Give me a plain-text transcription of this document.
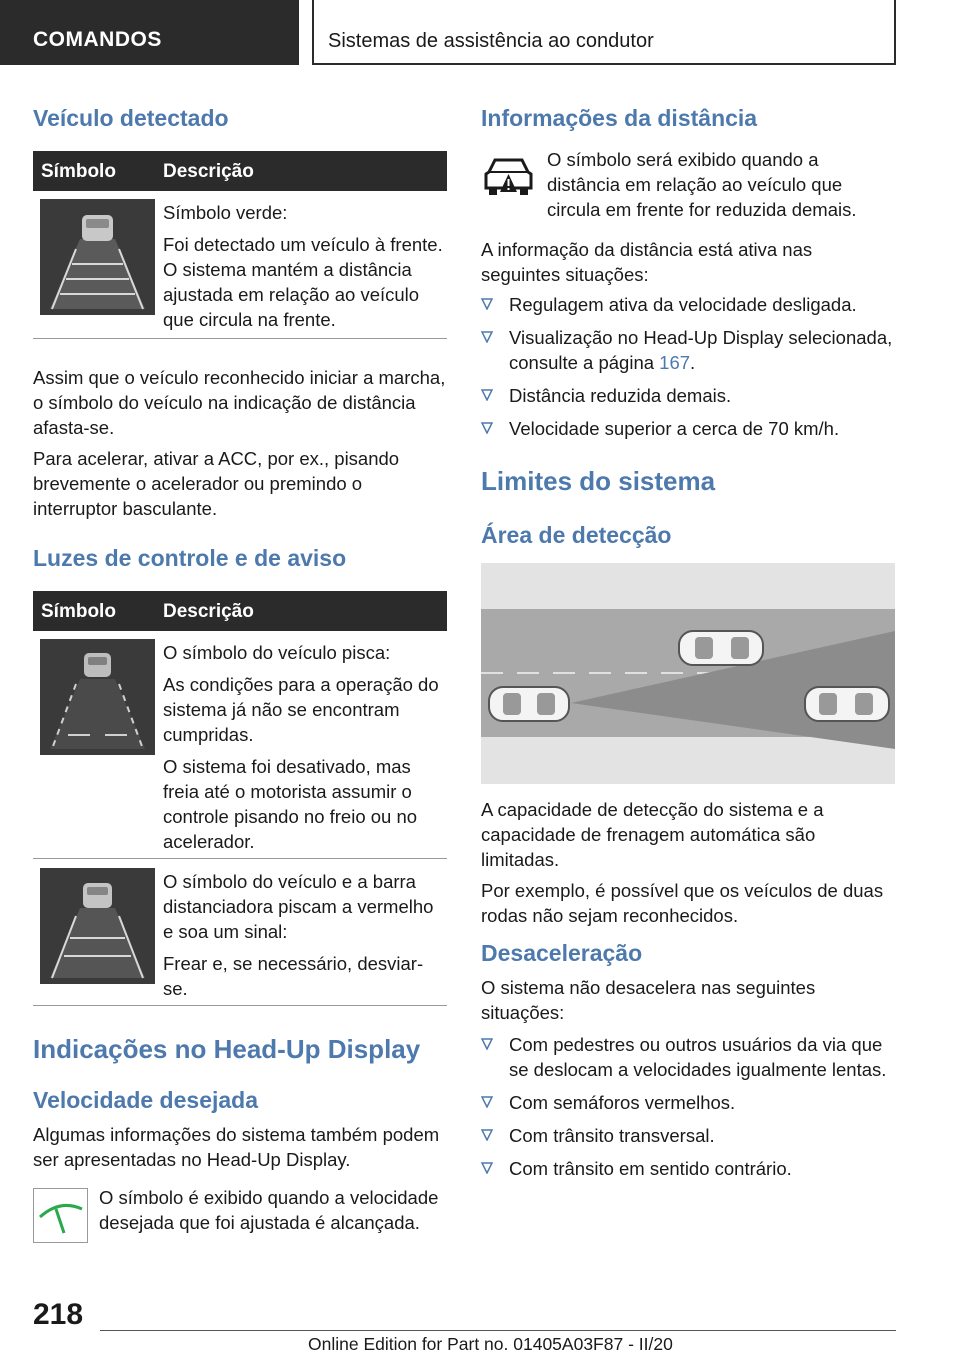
COMANDOS	Sistemas de assistência ao condutor
Veículo detectado
Símbolo Descrição

Símbolo verde:

Foi detectado um veículo à frente. O sistema mantém a distância ajustada em relação ao veículo que circula na frente.

Assim que o veículo reconhecido iniciar a marcha, o símbolo do veículo na indicação de distância afasta-se.

Para acelerar, ativar a ACC, por ex., pisando brevemente o acelerador ou premindo o interruptor basculante.

Luzes de controle e de aviso
Símbolo Descrição

O símbolo do veículo pisca:

As condições para a operação do sistema já não se encontram cumpridas.

O sistema foi desativado, mas freia até o motorista assumir o controle pisando no freio ou no acelerador.

O símbolo do veículo e a barra distanciadora piscam a vermelho e soa um sinal:

Frear e, se necessário, desviar-se.

Indicações no Head-Up Display
Velocidade desejada
Algumas informações do sistema também podem ser apresentadas no Head-Up Display.
O símbolo é exibido quando a velocidade desejada que foi ajustada é alcançada.
Informações da distância
O símbolo será exibido quando a distância em relação ao veículo que circula em frente for reduzida demais.
A informação da distância está ativa nas seguintes situações:
Regulagem ativa da velocidade desligada.
Visualização no Head-Up Display selecionada, consulte a página 167.
Distância reduzida demais.
Velocidade superior a cerca de 70 km/h.
Limites do sistema
Área de detecção

A capacidade de detecção do sistema e a capacidade de frenagem automática são limitadas.

Por exemplo, é possível que os veículos de duas rodas não sejam reconhecidos.

Desaceleração
O sistema não desacelera nas seguintes situações:
Com pedestres ou outros usuários da via que se deslocam a velocidades igualmente lentas.
Com semáforos vermelhos.
Com trânsito transversal.
Com trânsito em sentido contrário.
218
Online Edition for Part no. 01405A03F87 - II/20
